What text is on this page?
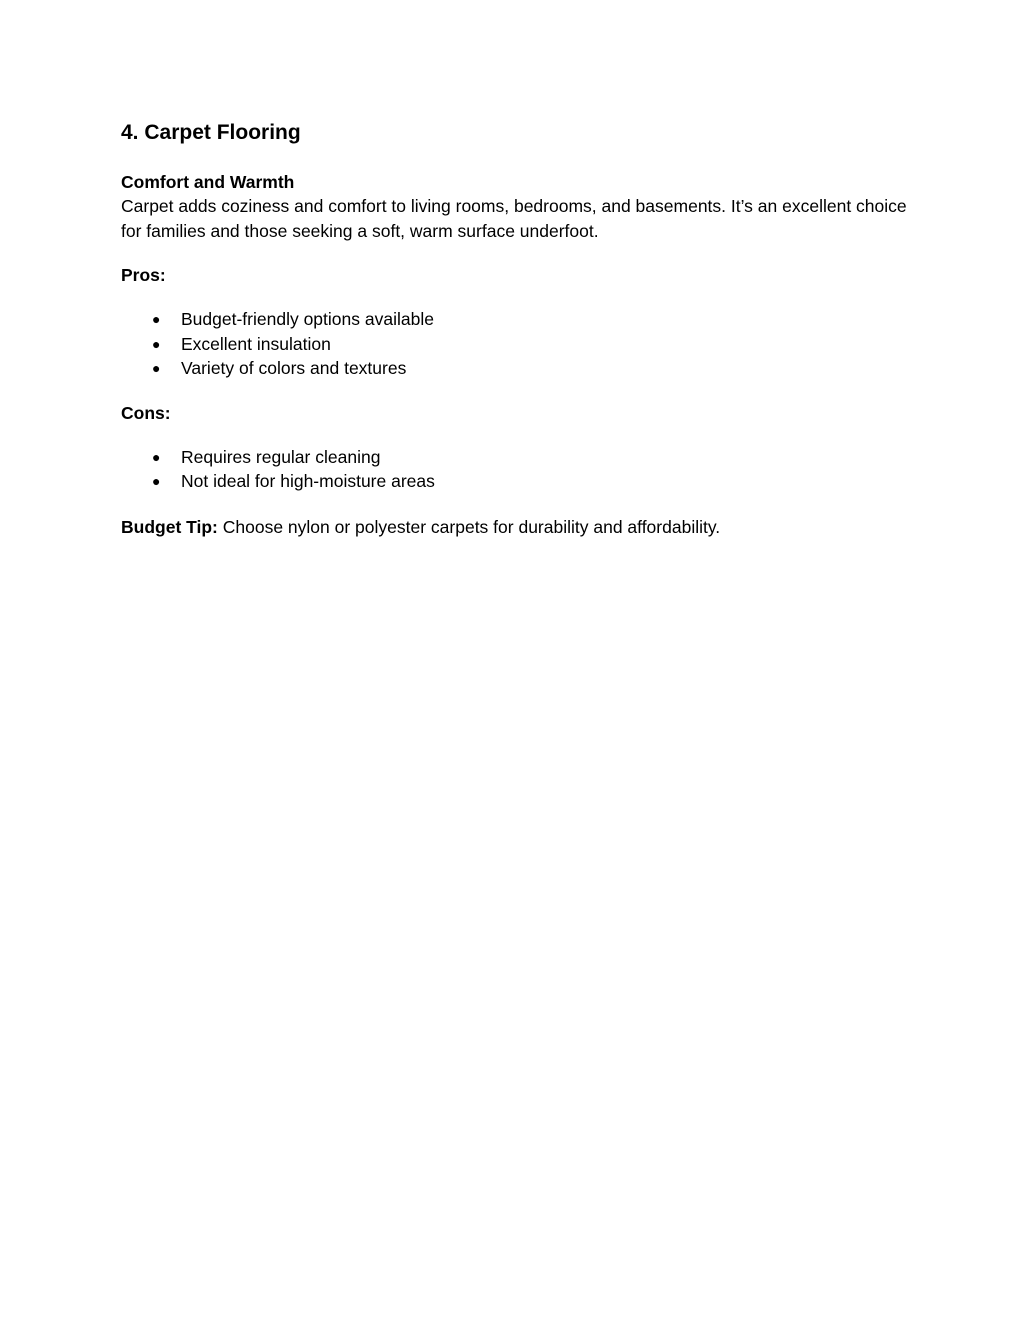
4. Carpet Flooring
Comfort and Warmth

Carpet adds coziness and comfort to living rooms, bedrooms, and basements. It’s an excellent choice for families and those seeking a soft, warm surface underfoot.

Pros:
● Budget-friendly options available
● Excellent insulation
● Variety of colors and textures
Cons:
● Requires regular cleaning
● Not ideal for high-moisture areas

Budget Tip: Choose nylon or polyester carpets for durability and affordability.
